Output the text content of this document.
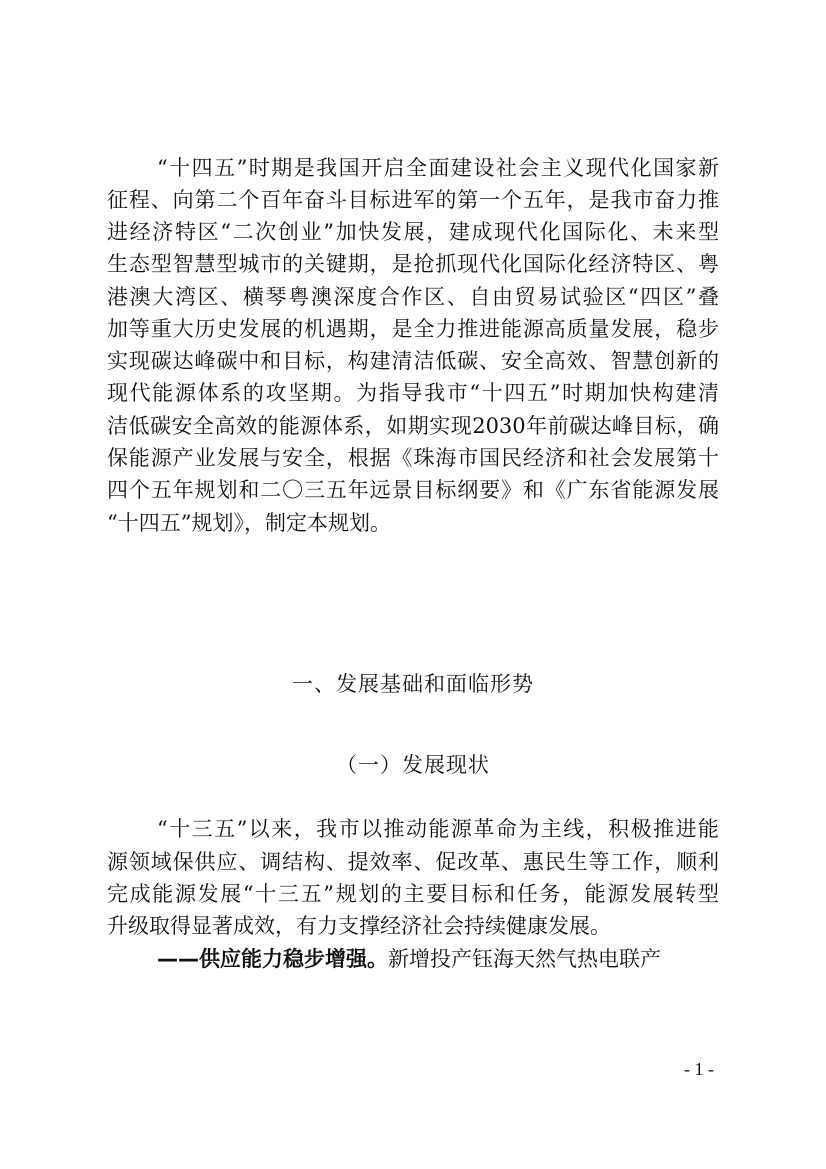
“十四五”时期是我国开启全面建设社会主义现代化国家新
征程、向第二个百年奋斗目标进军的第一个五年，是我市奋力推
进经济特区“二次创业”加快发展，建成现代化国际化、未来型
生态型智慧型城市的关键期，是抢抓现代化国际化经济特区、粤
港澳大湾区、横琴粤澳深度合作区、自由贸易试验区“四区”叠
加等重大历史发展的机遇期，是全力推进能源高质量发展，稳步
实现碳达峰碳中和目标，构建清洁低碳、安全高效、智慧创新的
现代能源体系的攻坚期。为指导我市“十四五”时期加快构建清
洁低碳安全高效的能源体系，如期实现2030年前碳达峰目标，确
保能源产业发展与安全，根据《珠海市国民经济和社会发展第十
四个五年规划和二〇三五年远景目标纲要》和《广东省能源发展
“十四五”规划》，制定本规划。
一、发展基础和面临形势
（一）发展现状
“十三五”以来，我市以推动能源革命为主线，积极推进能
源领域保供应、调结构、提效率、促改革、惠民生等工作，顺利
完成能源发展“十三五”规划的主要目标和任务，能源发展转型
升级取得显著成效，有力支撑经济社会持续健康发展。
——供应能力稳步增强。新增投产钰海天然气热电联产
- 1 -
